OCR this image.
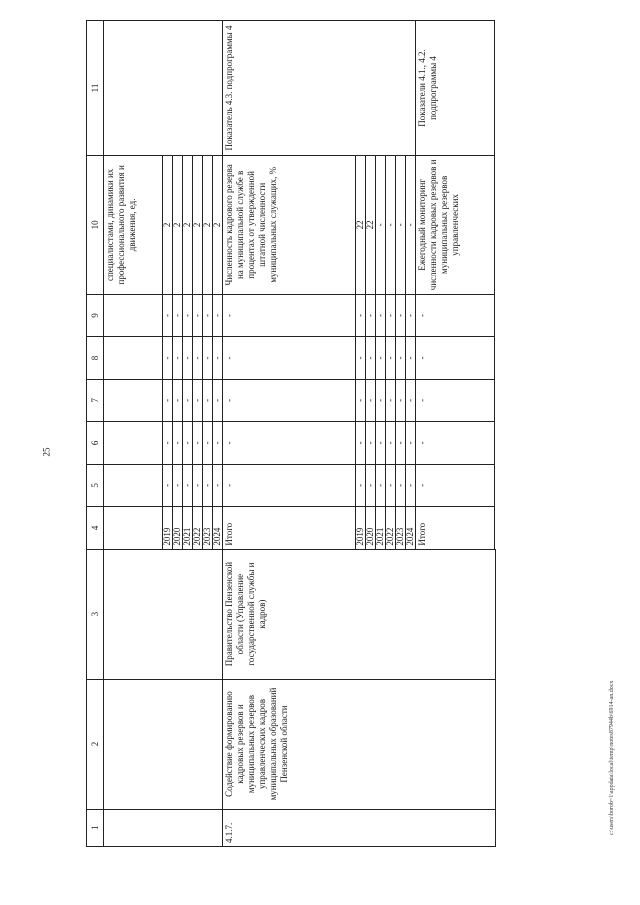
25
c:\users\borob~1\appdata\local\temp\notes87944b\6914-an.docx
1	2	3	4	5	6	7	8	9	10	11
									специалистами, динамики их профессионального развития и движения, ед.	
			2019	-	-	-	-	-	2	
			2020	-	-	-	-	-	2	
			2021	-	-	-	-	-	2	
			2022	-	-	-	-	-	2	
			2023	-	-	-	-	-	2	
			2024	-	-	-	-	-	2	
4.1.7.	Содействие формированию кадровых резервов и муниципальных резервов управленческих кадров муниципальных образований Пензенской области	Правительство Пензенской области (Управление государственной службы и кадров)	Итого	-	-	-	-	-	Численность кадрового резерва на муниципальной службе в процентах от утвержденной штатной численности муниципальных служащих, %	Показатель 4.3. подпрограммы 4
			2019	-	-	-	-	-	22	
			2020	-	-	-	-	-	22	
			2021	-	-	-	-	-	-	
			2022	-	-	-	-	-	-	
			2023	-	-	-	-	-	-	
			2024	-	-	-	-	-	-	
			Итого	-	-	-	-	-	Ежегодный мониторинг численности кадровых резервов и муниципальных резервов управленческих	Показатели 4.1., 4.2. подпрограммы 4
